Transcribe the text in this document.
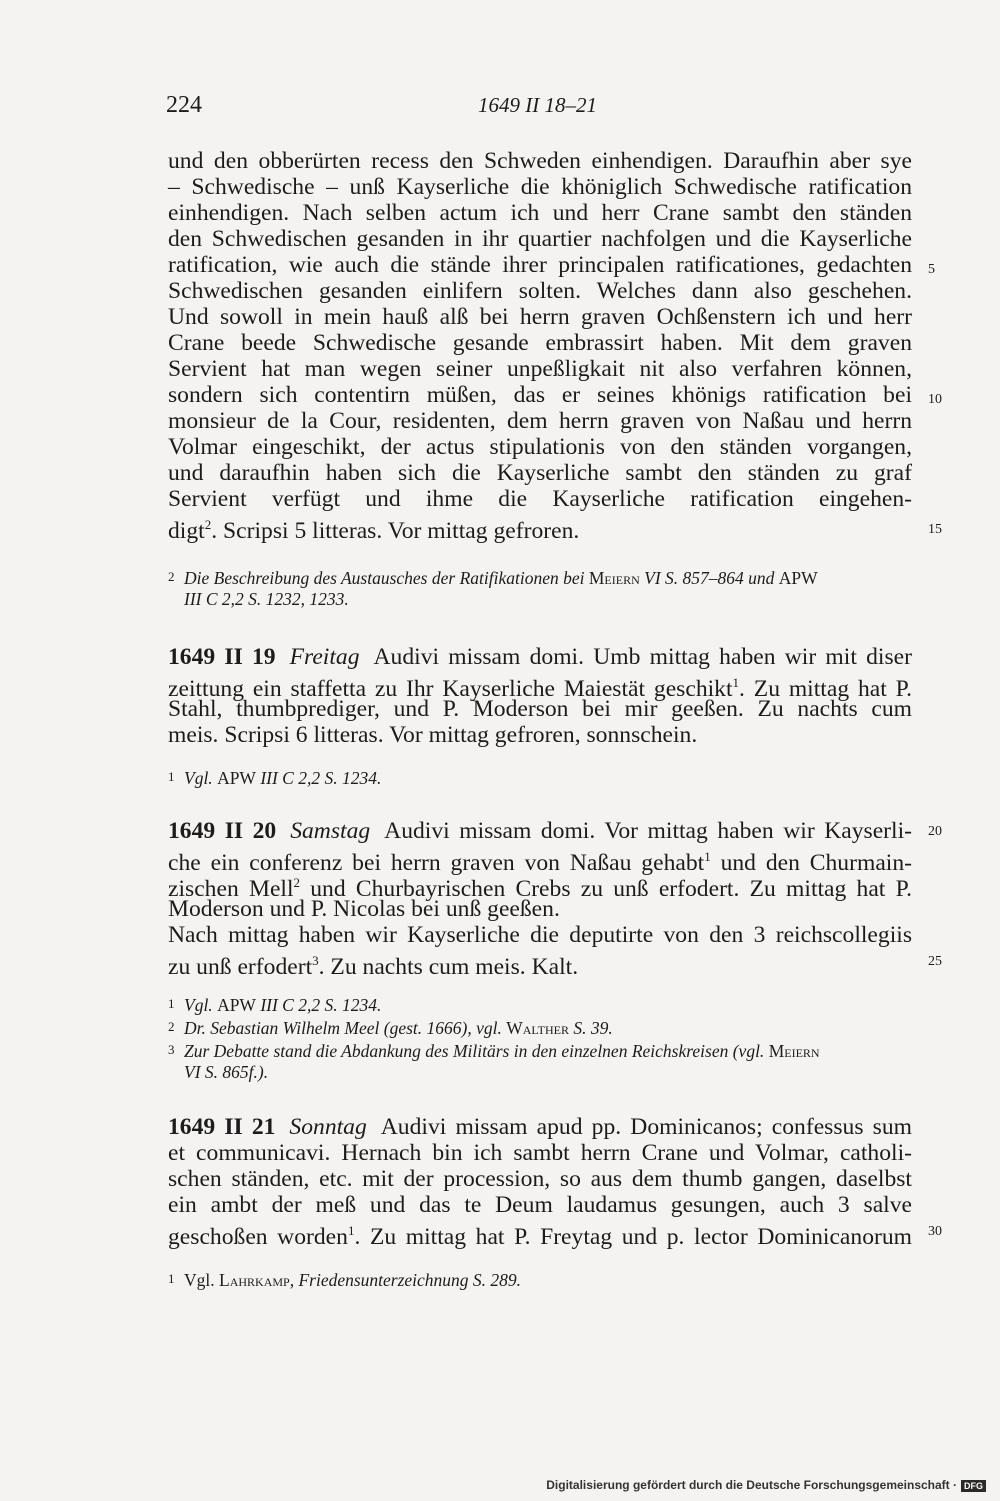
224	1649 II 18–21
und den obberürten recess den Schweden einhendigen. Daraufhin aber sye
– Schwedische – unß Kayserliche die khöniglich Schwedische ratification
einhendigen. Nach selben actum ich und herr Crane sambt den ständen
den Schwedischen gesanden in ihr quartier nachfolgen und die Kayserliche
ratification, wie auch die stände ihrer principalen ratificationes, gedachten
Schwedischen gesanden einlifern solten. Welches dann also geschehen.
Und sowoll in mein hauß alß bei herrn graven Ochßenstern ich und herr
Crane beede Schwedische gesande embrassirt haben. Mit dem graven
Servient hat man wegen seiner unpeßligkait nit also verfahren können,
sondern sich contentirn müßen, das er seines khönigs ratification bei
monsieur de la Cour, residenten, dem herrn graven von Naßau und herrn
Volmar eingeschikt, der actus stipulationis von den ständen vorgangen,
und daraufhin haben sich die Kayserliche sambt den ständen zu graf
Servient verfügt und ihme die Kayserliche ratification eingehen-
digt$^2$. Scripsi 5 litteras. Vor mittag gefroren.
2 Die Beschreibung des Austausches der Ratifikationen bei Meiern VI S. 857–864 und APW
III C 2,2 S. 1232, 1233.
1649 II 19 Freitag Audivi missam domi. Umb mittag haben wir mit diser
zeittung ein staffetta zu Ihr Kayserliche Maiestät geschikt$^1$. Zu mittag hat P.
Stahl, thumbprediger, und P. Moderson bei mir geeßen. Zu nachts cum
meis. Scripsi 6 litteras. Vor mittag gefroren, sonnschein.
1 Vgl. APW III C 2,2 S. 1234.
1649 II 20 Samstag Audivi missam domi. Vor mittag haben wir Kayserli-
che ein conferenz bei herrn graven von Naßau gehabt$^1$ und den Churmain-
zischen Mell$^2$ und Churbayrischen Crebs zu unß erfodert. Zu mittag hat P.
Moderson und P. Nicolas bei unß geeßen.
Nach mittag haben wir Kayserliche die deputirte von den 3 reichscollegiis
zu unß erfodert$^3$. Zu nachts cum meis. Kalt.
1 Vgl. APW III C 2,2 S. 1234.
2 Dr. Sebastian Wilhelm Meel (gest. 1666), vgl. Walther S. 39.
3 Zur Debatte stand die Abdankung des Militärs in den einzelnen Reichskreisen (vgl. Meiern
VI S. 865f.).
1649 II 21 Sonntag Audivi missam apud pp. Dominicanos; confessus sum
et communicavi. Hernach bin ich sambt herrn Crane und Volmar, catholi-
schen ständen, etc. mit der procession, so aus dem thumb gangen, daselbst
ein ambt der meß und das te Deum laudamus gesungen, auch 3 salve
geschoßen worden$^1$. Zu mittag hat P. Freytag und p. lector Dominicanorum
1 Vgl. Lahrkamp, Friedensunterzeichnung S. 289.
5
10
15
20
25
30
Digitalisierung gefördert durch die Deutsche Forschungsgemeinschaft · DFG
